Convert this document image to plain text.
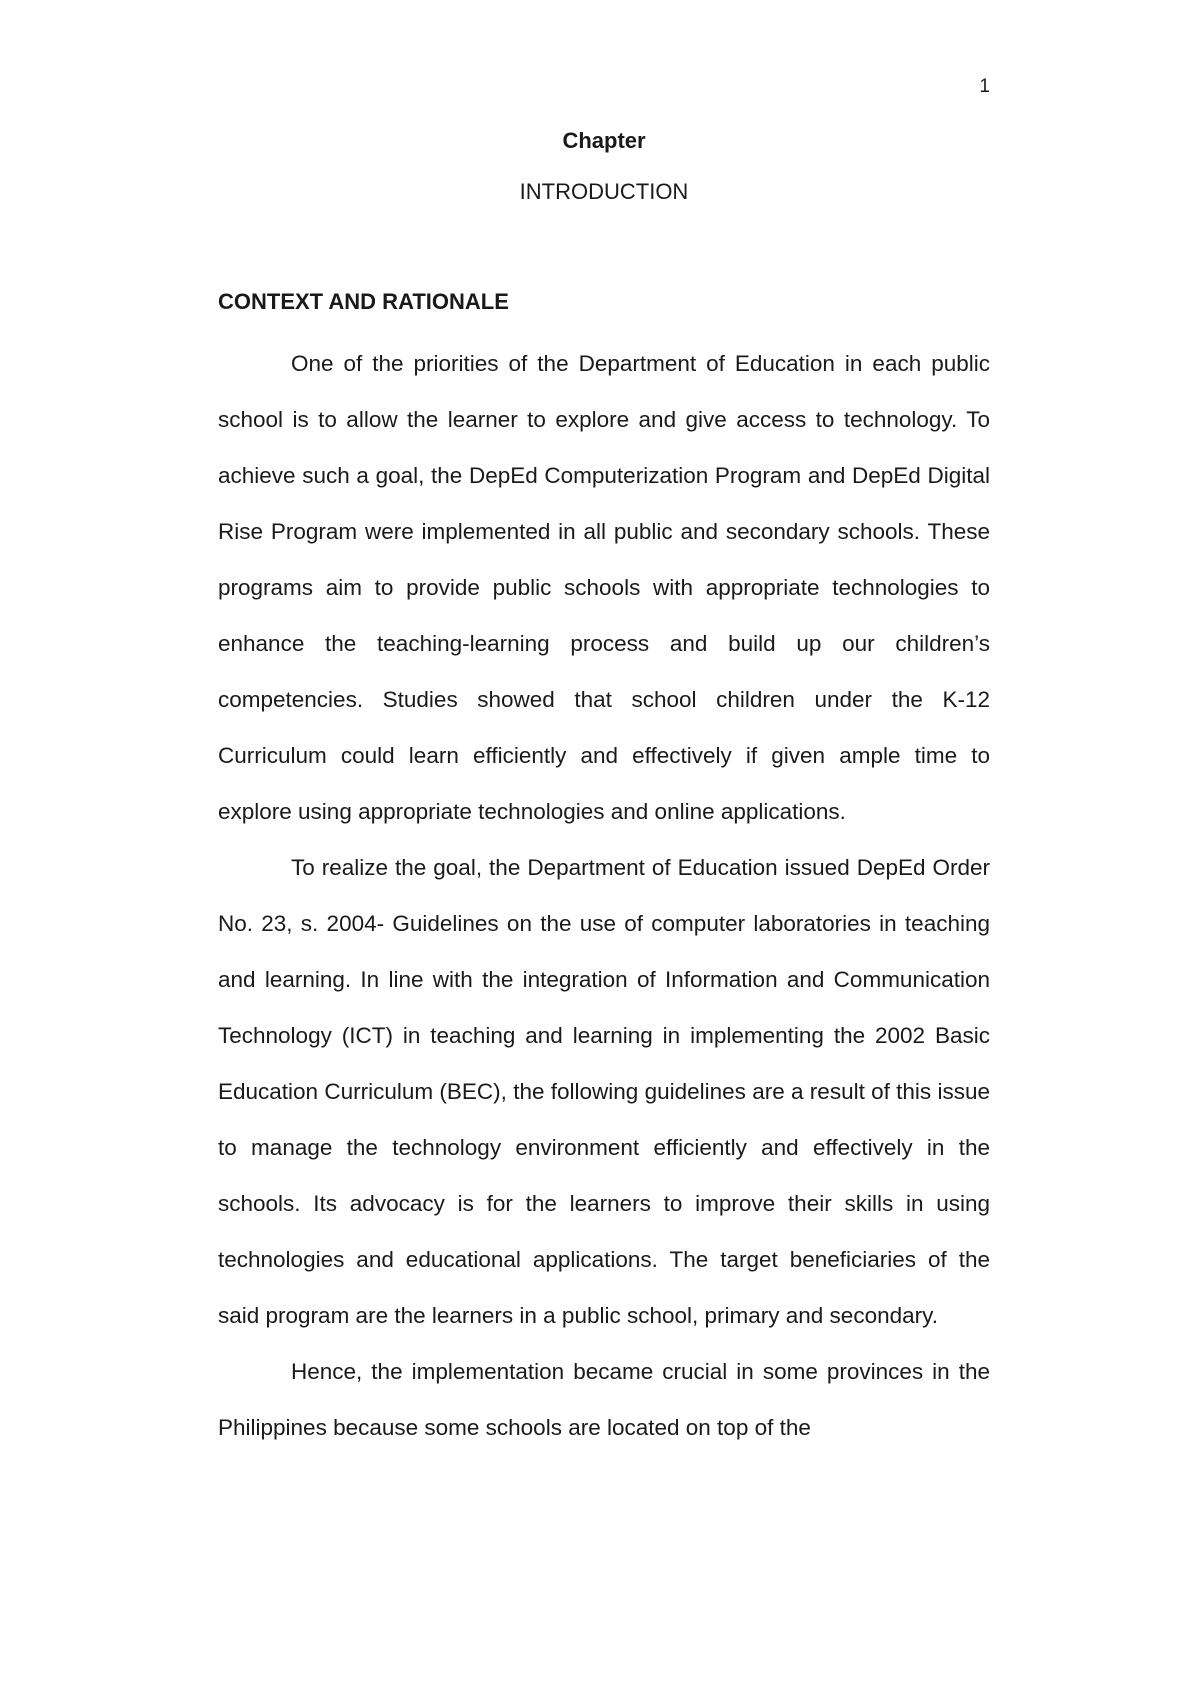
1
Chapter
INTRODUCTION
CONTEXT AND RATIONALE

One of the priorities of the Department of Education in each public school is to allow the learner to explore and give access to technology. To achieve such a goal, the DepEd Computerization Program and DepEd Digital Rise Program were implemented in all public and secondary schools. These programs aim to provide public schools with appropriate technologies to enhance the teaching-learning process and build up our children’s competencies. Studies showed that school children under the K-12 Curriculum could learn efficiently and effectively if given ample time to explore using appropriate technologies and online applications.

To realize the goal, the Department of Education issued DepEd Order No. 23, s. 2004- Guidelines on the use of computer laboratories in teaching and learning. In line with the integration of Information and Communication Technology (ICT) in teaching and learning in implementing the 2002 Basic Education Curriculum (BEC), the following guidelines are a result of this issue to manage the technology environment efficiently and effectively in the schools. Its advocacy is for the learners to improve their skills in using technologies and educational applications. The target beneficiaries of the said program are the learners in a public school, primary and secondary.

Hence, the implementation became crucial in some provinces in the Philippines because some schools are located on top of the
